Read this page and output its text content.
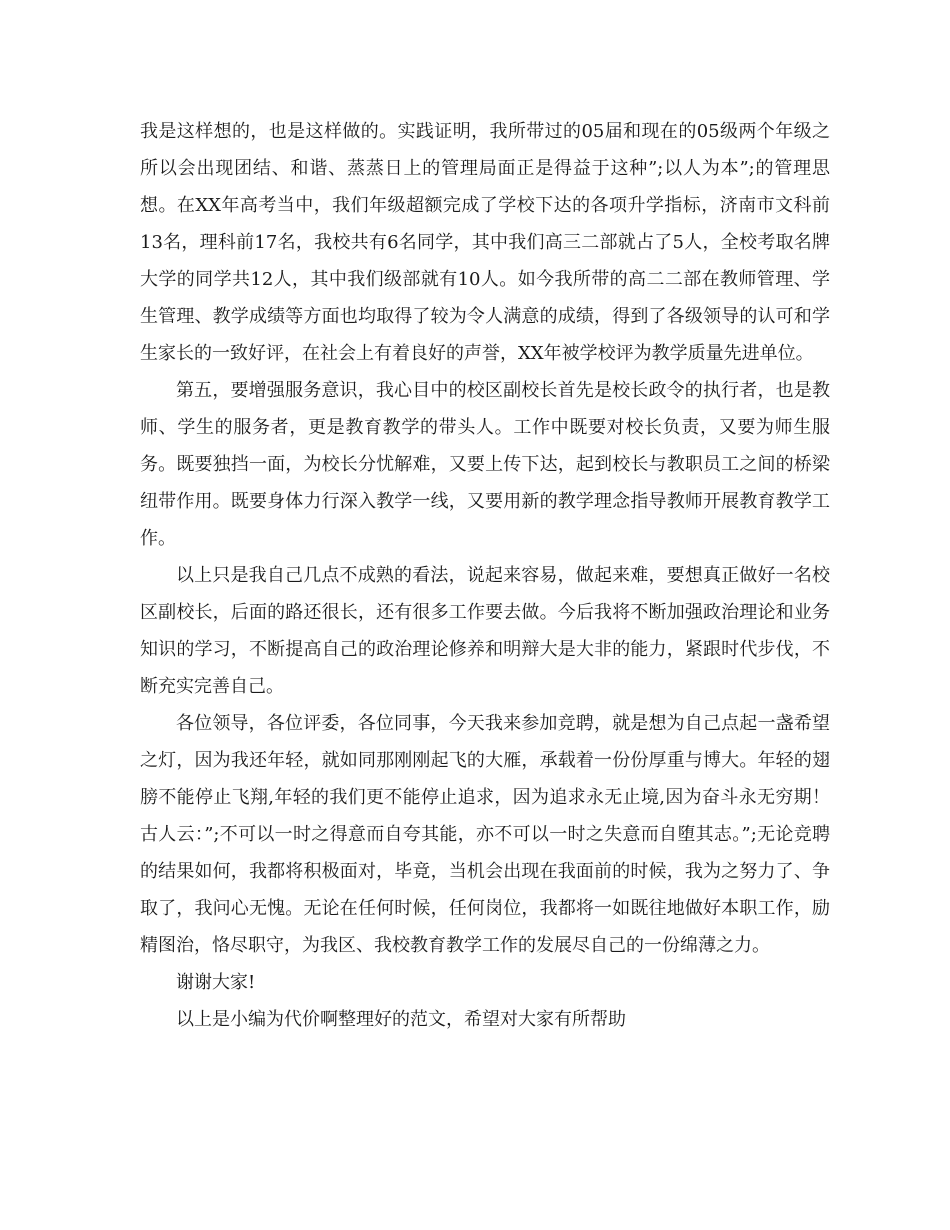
我是这样想的，也是这样做的。实践证明，我所带过的05届和现在的05级两个年级之所以会出现团结、和谐、蒸蒸日上的管理局面正是得益于这种”;以人为本”;的管理思想。在XX年高考当中，我们年级超额完成了学校下达的各项升学指标，济南市文科前13名，理科前17名，我校共有6名同学，其中我们高三二部就占了5人，全校考取名牌大学的同学共12人，其中我们级部就有10人。如今我所带的高二二部在教师管理、学生管理、教学成绩等方面也均取得了较为令人满意的成绩，得到了各级领导的认可和学生家长的一致好评，在社会上有着良好的声誉，XX年被学校评为教学质量先进单位。

第五，要增强服务意识，我心目中的校区副校长首先是校长政令的执行者，也是教师、学生的服务者，更是教育教学的带头人。工作中既要对校长负责，又要为师生服务。既要独挡一面，为校长分忧解难，又要上传下达，起到校长与教职员工之间的桥梁纽带作用。既要身体力行深入教学一线，又要用新的教学理念指导教师开展教育教学工作。

以上只是我自己几点不成熟的看法，说起来容易，做起来难，要想真正做好一名校区副校长，后面的路还很长，还有很多工作要去做。今后我将不断加强政治理论和业务知识的学习，不断提高自己的政治理论修养和明辩大是大非的能力，紧跟时代步伐，不断充实完善自己。

各位领导，各位评委，各位同事，今天我来参加竞聘，就是想为自己点起一盏希望之灯，因为我还年轻，就如同那刚刚起飞的大雁，承载着一份份厚重与博大。年轻的翅膀不能停止飞翔,年轻的我们更不能停止追求，因为追求永无止境,因为奋斗永无穷期！古人云：”;不可以一时之得意而自夸其能，亦不可以一时之失意而自堕其志。”;无论竞聘的结果如何，我都将积极面对，毕竟，当机会出现在我面前的时候，我为之努力了、争取了，我问心无愧。无论在任何时候，任何岗位，我都将一如既往地做好本职工作，励精图治，恪尽职守，为我区、我校教育教学工作的发展尽自己的一份绵薄之力。

谢谢大家!

以上是小编为代价啊整理好的范文，希望对大家有所帮助
